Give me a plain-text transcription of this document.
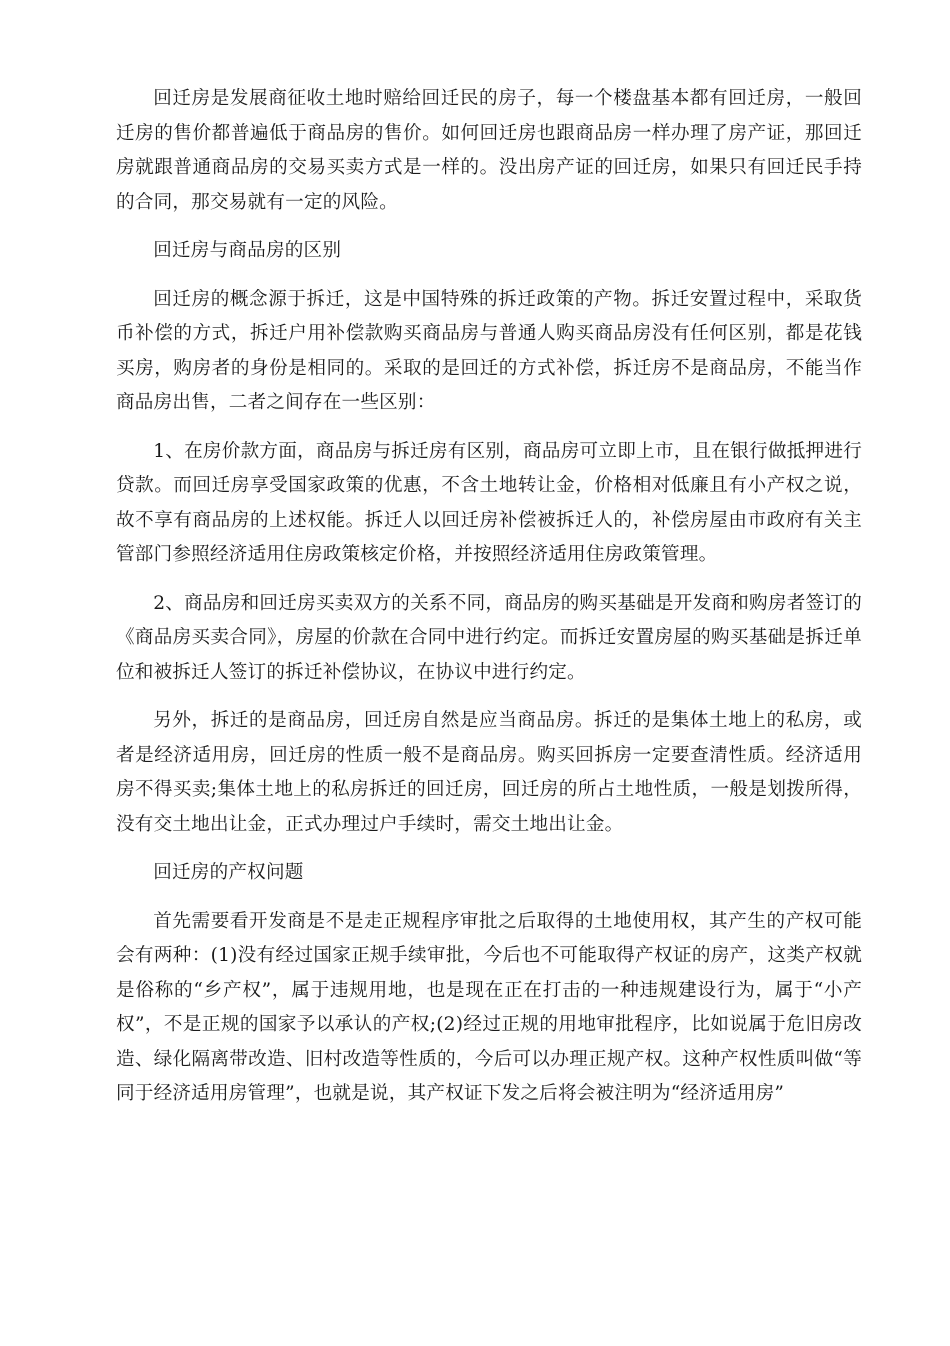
回迁房是发展商征收土地时赔给回迁民的房子，每一个楼盘基本都有回迁房，一般回迁房的售价都普遍低于商品房的售价。如何回迁房也跟商品房一样办理了房产证，那回迁房就跟普通商品房的交易买卖方式是一样的。没出房产证的回迁房，如果只有回迁民手持的合同，那交易就有一定的风险。

回迁房与商品房的区别

回迁房的概念源于拆迁，这是中国特殊的拆迁政策的产物。拆迁安置过程中，采取货币补偿的方式，拆迁户用补偿款购买商品房与普通人购买商品房没有任何区别，都是花钱买房，购房者的身份是相同的。采取的是回迁的方式补偿，拆迁房不是商品房，不能当作商品房出售，二者之间存在一些区别：

1、在房价款方面，商品房与拆迁房有区别，商品房可立即上市，且在银行做抵押进行贷款。而回迁房享受国家政策的优惠，不含土地转让金，价格相对低廉且有小产权之说，故不享有商品房的上述权能。拆迁人以回迁房补偿被拆迁人的，补偿房屋由市政府有关主管部门参照经济适用住房政策核定价格，并按照经济适用住房政策管理。

2、商品房和回迁房买卖双方的关系不同，商品房的购买基础是开发商和购房者签订的《商品房买卖合同》，房屋的价款在合同中进行约定。而拆迁安置房屋的购买基础是拆迁单位和被拆迁人签订的拆迁补偿协议，在协议中进行约定。

另外，拆迁的是商品房，回迁房自然是应当商品房。拆迁的是集体土地上的私房，或者是经济适用房，回迁房的性质一般不是商品房。购买回拆房一定要查清性质。经济适用房不得买卖;集体土地上的私房拆迁的回迁房，回迁房的所占土地性质，一般是划拨所得，没有交土地出让金，正式办理过户手续时，需交土地出让金。

回迁房的产权问题

首先需要看开发商是不是走正规程序审批之后取得的土地使用权，其产生的产权可能会有两种：(1)没有经过国家正规手续审批，今后也不可能取得产权证的房产，这类产权就是俗称的“乡产权”，属于违规用地，也是现在正在打击的一种违规建设行为，属于“小产权”，不是正规的国家予以承认的产权;(2)经过正规的用地审批程序，比如说属于危旧房改造、绿化隔离带改造、旧村改造等性质的，今后可以办理正规产权。这种产权性质叫做“等同于经济适用房管理”，也就是说，其产权证下发之后将会被注明为“经济适用房”
